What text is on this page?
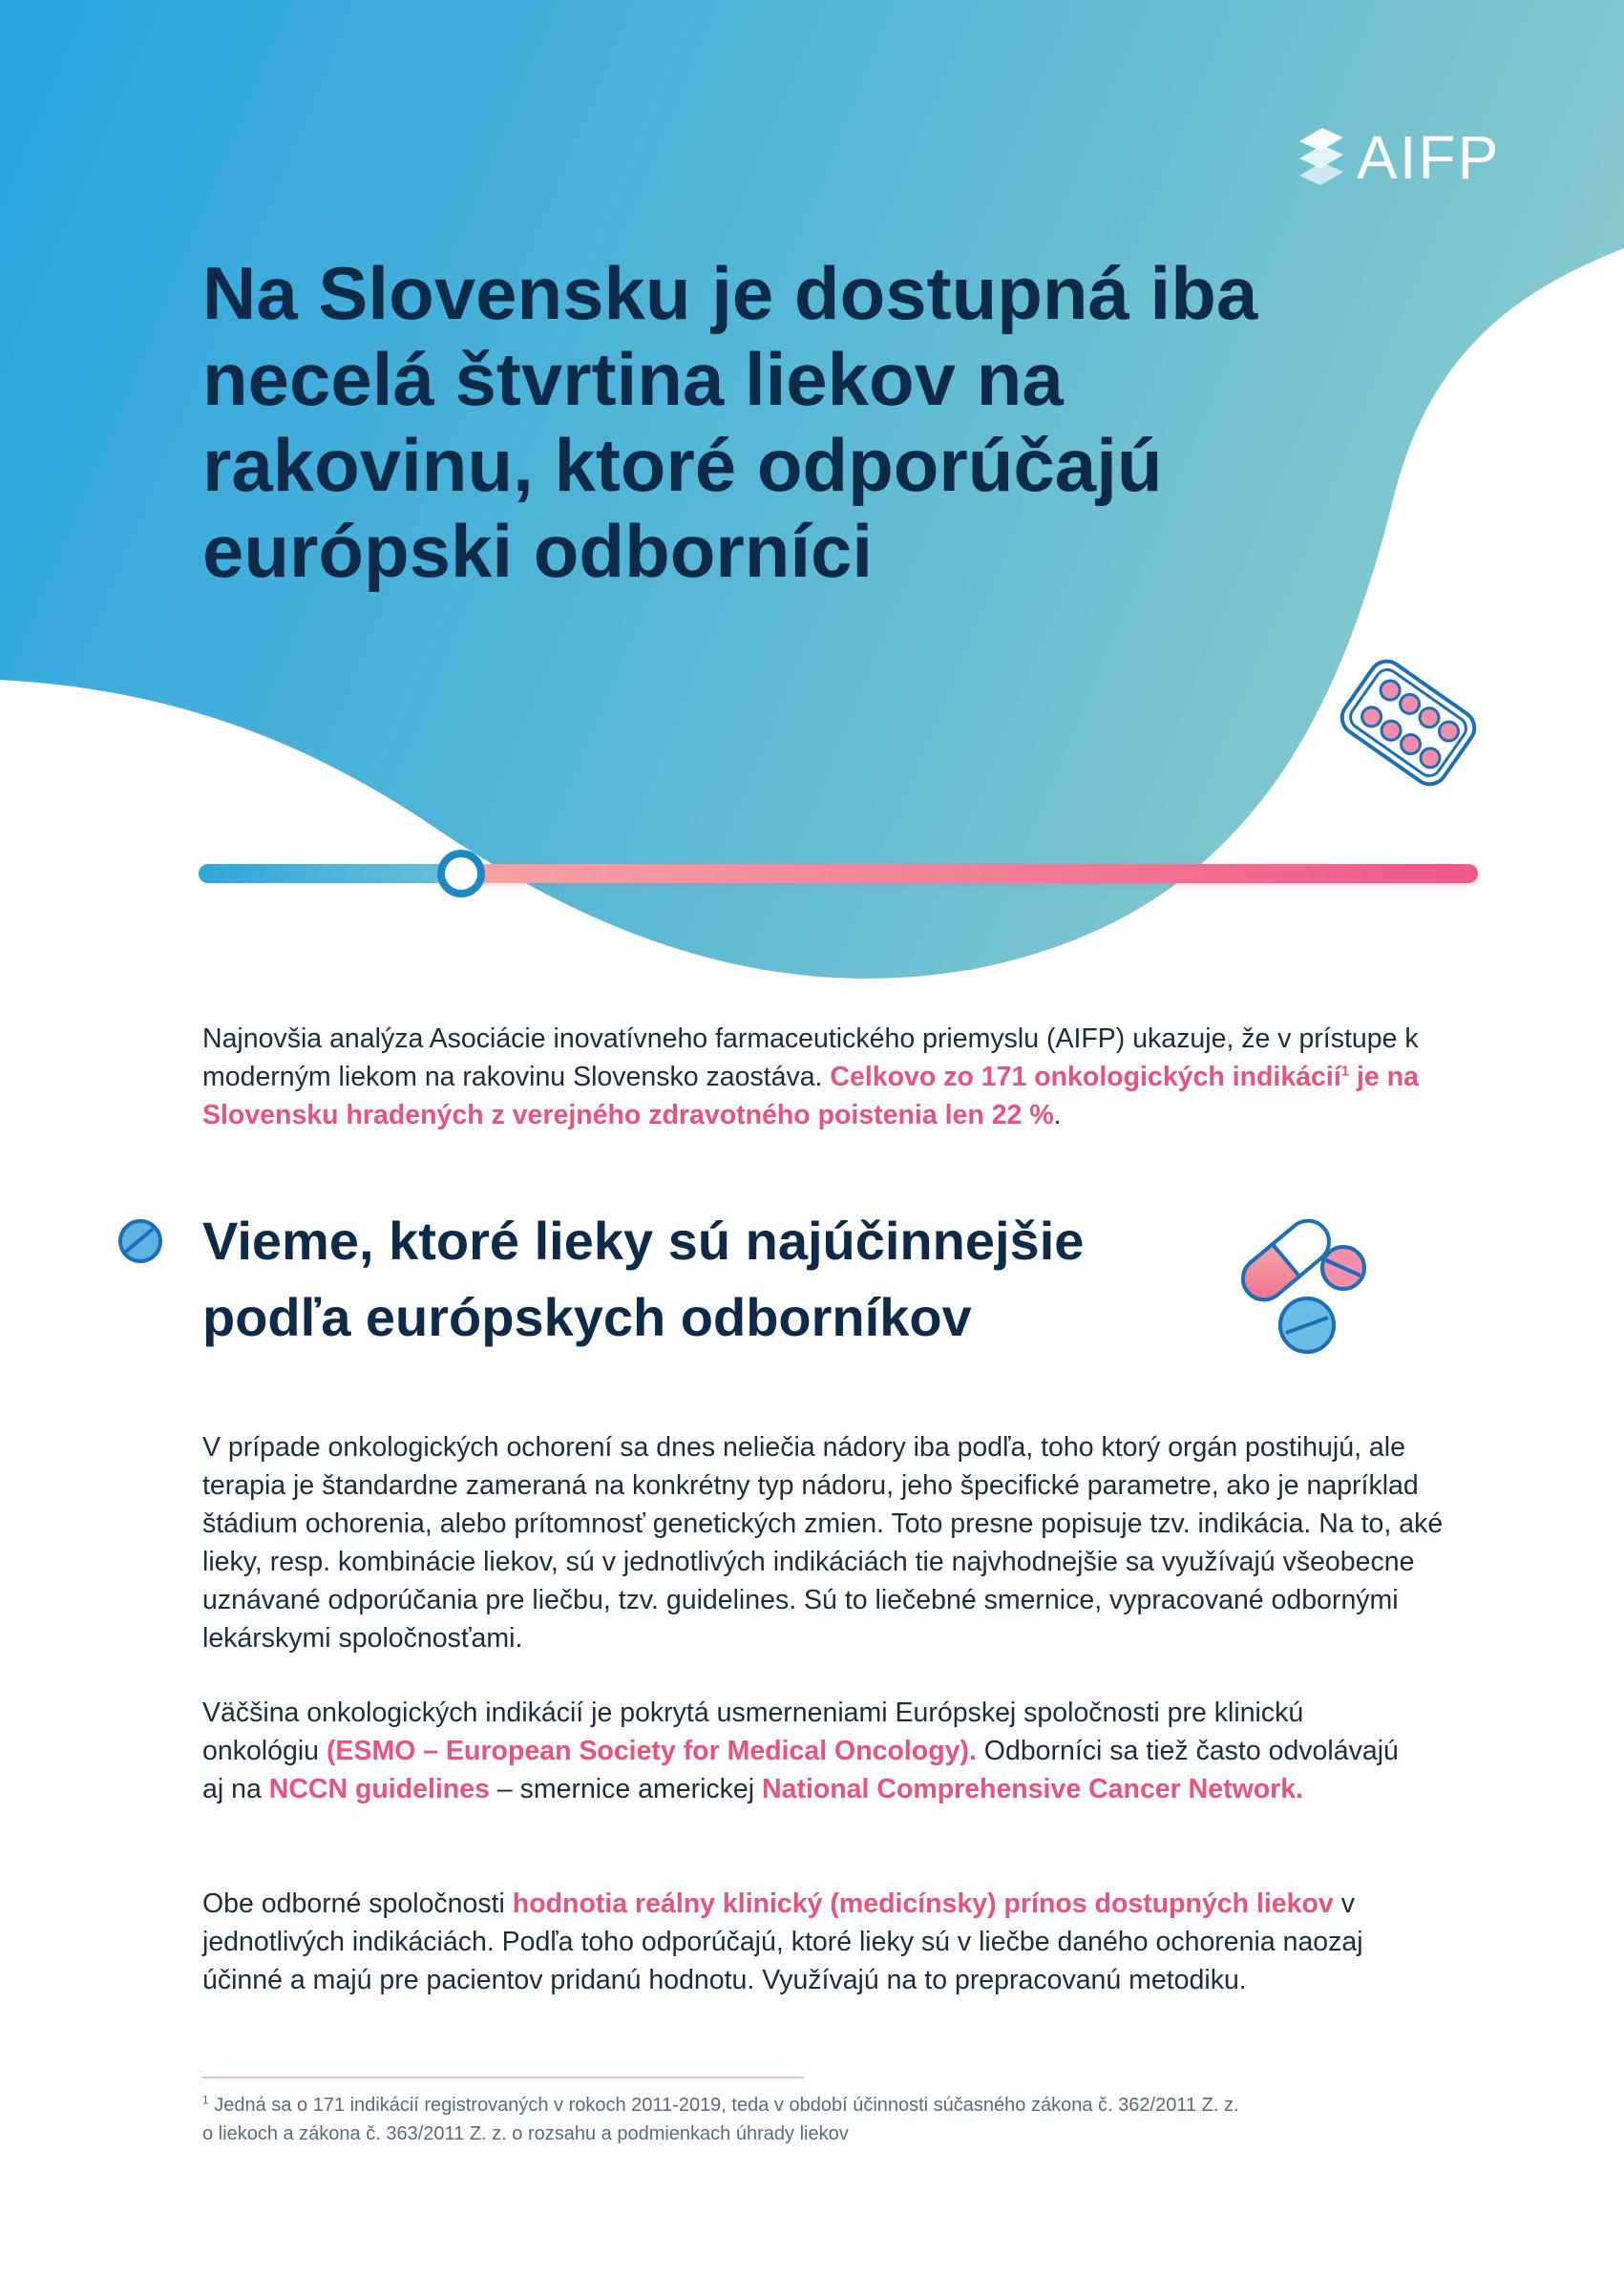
AIFP
Na Slovensku je dostupná iba necelá štvrtina liekov na rakovinu, ktoré odporúčajú európski odborníci

Najnovšia analýza Asociácie inovatívneho farmaceutického priemyslu (AIFP) ukazuje, že v prístupe k moderným liekom na rakovinu Slovensko zaostáva. Celkovo zo 171 onkologických indikácií$^1$ je na Slovensku hradených z verejného zdravotného poistenia len 22 %.

Vieme, ktoré lieky sú najúčinnejšie podľa európskych odborníkov

V prípade onkologických ochorení sa dnes neliečia nádory iba podľa, toho ktorý orgán postihujú, ale terapia je štandardne zameraná na konkrétny typ nádoru, jeho špecifické parametre, ako je napríklad štádium ochorenia, alebo prítomnosť genetických zmien. Toto presne popisuje tzv. indikácia. Na to, aké lieky, resp. kombinácie liekov, sú v jednotlivých indikáciách tie najvhodnejšie sa využívajú všeobecne uznávané odporúčania pre liečbu, tzv. guidelines. Sú to liečebné smernice, vypracované odbornými lekárskymi spoločnosťami.

Väčšina onkologických indikácií je pokrytá usmerneniami Európskej spoločnosti pre klinickú onkológiu (ESMO – European Society for Medical Oncology). Odborníci sa tiež často odvolávajú aj na NCCN guidelines – smernice americkej National Comprehensive Cancer Network.

Obe odborné spoločnosti hodnotia reálny klinický (medicínsky) prínos dostupných liekov v jednotlivých indikáciách. Podľa toho odporúčajú, ktoré lieky sú v liečbe daného ochorenia naozaj účinné a majú pre pacientov pridanú hodnotu. Využívajú na to prepracovanú metodiku.

$^1$ Jedná sa o 171 indikácií registrovaných v rokoch 2011-2019, teda v období účinnosti súčasného zákona č. 362/2011 Z. z. o liekoch a zákona č. 363/2011 Z. z. o rozsahu a podmienkach úhrady liekov
